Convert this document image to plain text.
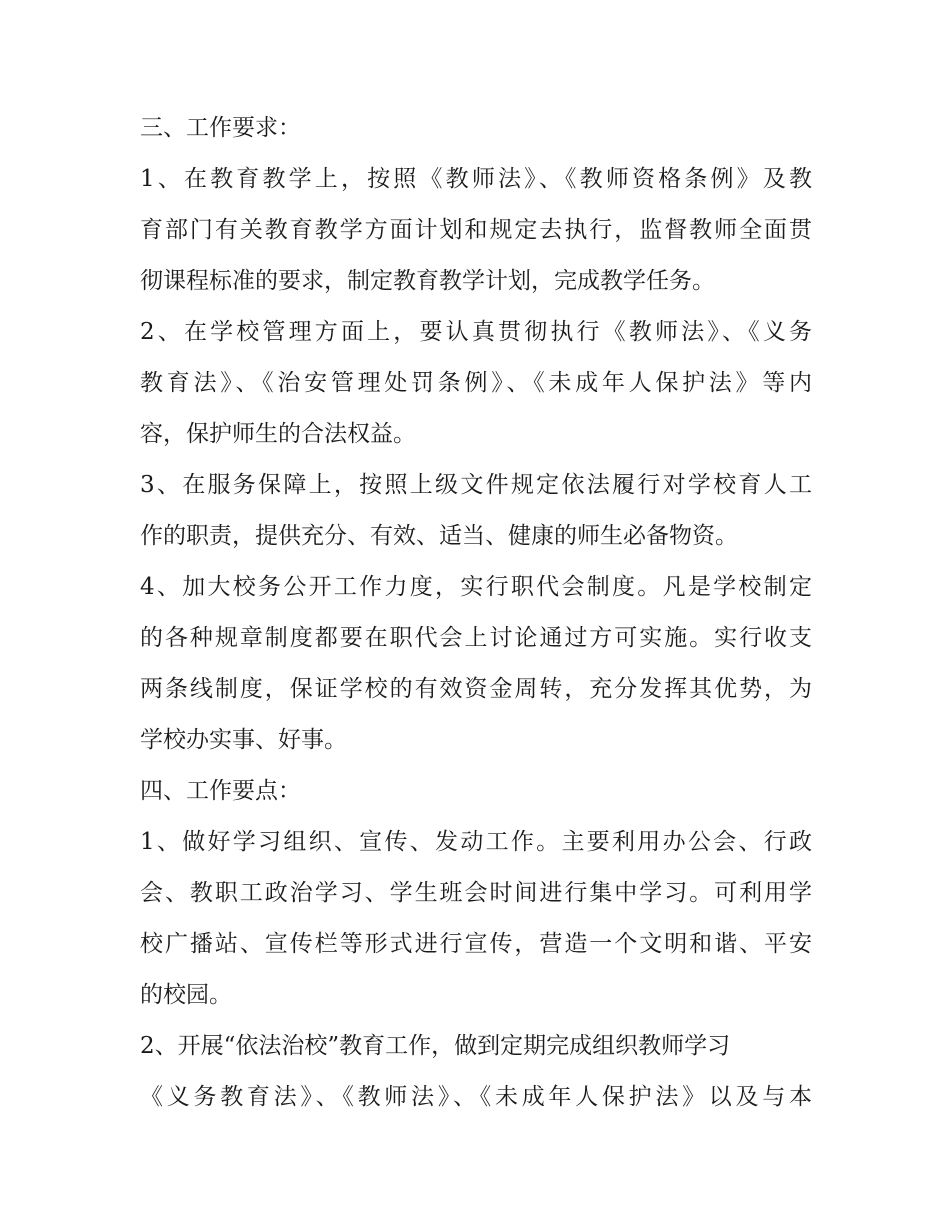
三、工作要求：
1、在教育教学上，按照《教师法》、《教师资格条例》及教
育部门有关教育教学方面计划和规定去执行，监督教师全面贯
彻课程标准的要求，制定教育教学计划，完成教学任务。
2、在学校管理方面上，要认真贯彻执行《教师法》、《义务
教育法》、《治安管理处罚条例》、《未成年人保护法》等内
容，保护师生的合法权益。
3、在服务保障上，按照上级文件规定依法履行对学校育人工
作的职责，提供充分、有效、适当、健康的师生必备物资。
4、加大校务公开工作力度，实行职代会制度。凡是学校制定
的各种规章制度都要在职代会上讨论通过方可实施。实行收支
两条线制度，保证学校的有效资金周转，充分发挥其优势，为
学校办实事、好事。
四、工作要点：
1、做好学习组织、宣传、发动工作。主要利用办公会、行政
会、教职工政治学习、学生班会时间进行集中学习。可利用学
校广播站、宣传栏等形式进行宣传，营造一个文明和谐、平安
的校园。
2、开展“依法治校”教育工作，做到定期完成组织教师学习
《义务教育法》、《教师法》、《未成年人保护法》以及与本
